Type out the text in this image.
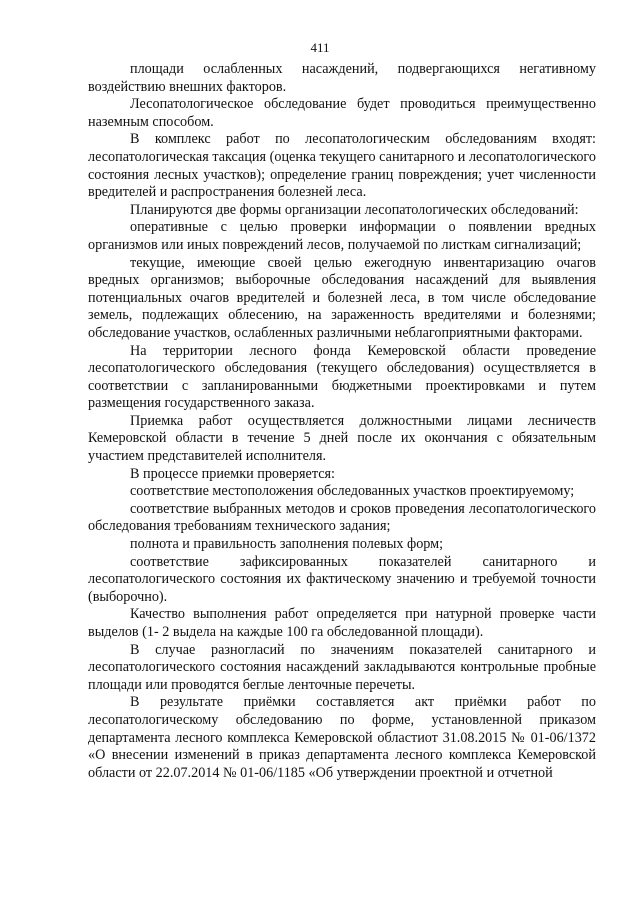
411

площади ослабленных насаждений, подвергающихся негативному воздействию внешних факторов.

Лесопатологическое обследование будет проводиться преимущественно наземным способом.

В комплекс работ по лесопатологическим обследованиям входят: лесопатологическая таксация (оценка текущего санитарного и лесопатологического состояния лесных участков); определение границ повреждения; учет численности вредителей и распространения болезней леса.

Планируются две формы организации лесопатологических обследований:

оперативные с целью проверки информации о появлении вредных организмов или иных повреждений лесов, получаемой по листкам сигнализаций;

текущие, имеющие своей целью ежегодную инвентаризацию очагов вредных организмов; выборочные обследования насаждений для выявления потенциальных очагов вредителей и болезней леса, в том числе обследование земель, подлежащих облесению, на зараженность вредителями и болезнями; обследование участков, ослабленных различными неблагоприятными факторами.

На территории лесного фонда Кемеровской области проведение лесопатологического обследования (текущего обследования) осуществляется в соответствии с запланированными бюджетными проектировками и путем размещения государственного заказа.

Приемка работ осуществляется должностными лицами лесничеств Кемеровской области в течение 5 дней после их окончания с обязательным участием представителей исполнителя.

В процессе приемки проверяется:

соответствие местоположения обследованных участков проектируемому;

соответствие выбранных методов и сроков проведения лесопатологического обследования требованиям технического задания;

полнота и правильность заполнения полевых форм;

соответствие зафиксированных показателей санитарного и лесопатологического состояния их фактическому значению и требуемой точности (выборочно).

Качество выполнения работ определяется при натурной проверке части выделов (1- 2 выдела на каждые 100 га обследованной площади).

В случае разногласий по значениям показателей санитарного и лесопатологического состояния насаждений закладываются контрольные пробные площади или проводятся беглые ленточные перечеты.

В результате приёмки составляется акт приёмки работ по лесопатологическому обследованию по форме, установленной приказом департамента лесного комплекса Кемеровской областиот 31.08.2015 № 01-06/1372 «О внесении изменений в приказ департамента лесного комплекса Кемеровской области от 22.07.2014 № 01-06/1185 «Об утверждении проектной и отчетной
